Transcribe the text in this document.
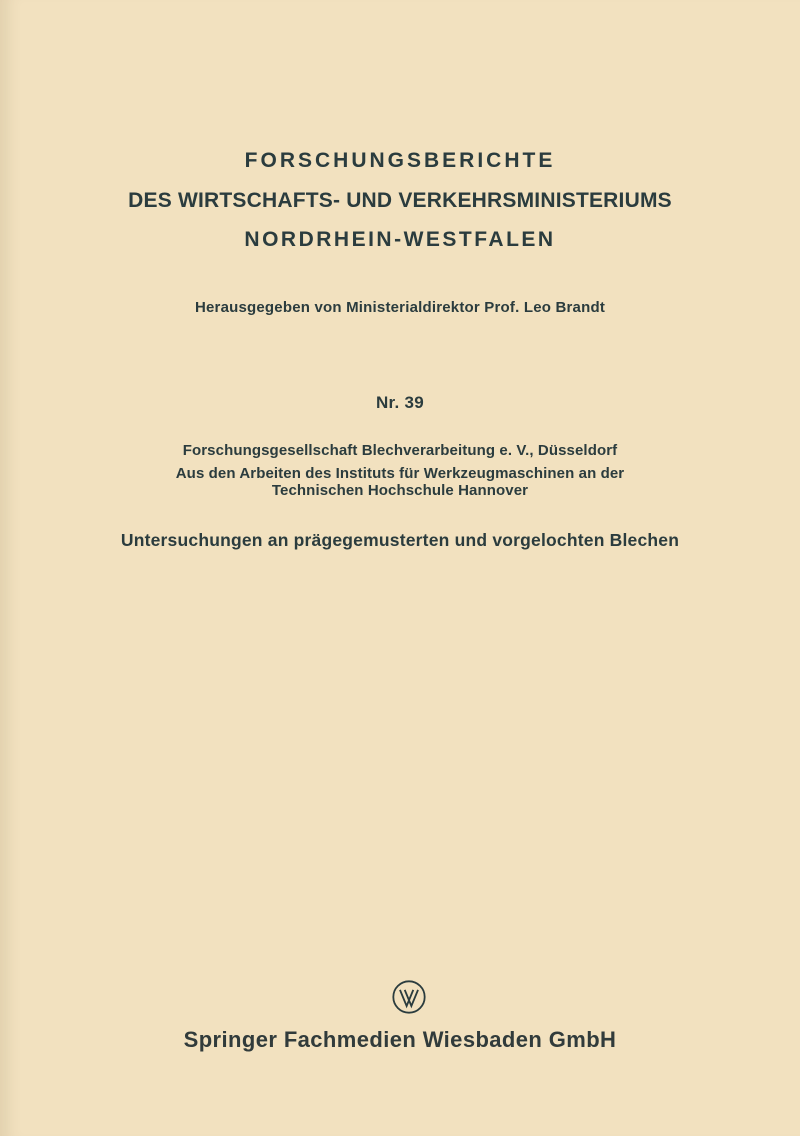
FORSCHUNGSBERICHTE
DES WIRTSCHAFTS- UND VERKEHRSMINISTERIUMS
NORDRHEIN-WESTFALEN
Herausgegeben von Ministerialdirektor Prof. Leo Brandt
Nr. 39
Forschungsgesellschaft Blechverarbeitung e. V., Düsseldorf
Aus den Arbeiten des Instituts für Werkzeugmaschinen an der
Technischen Hochschule Hannover
Untersuchungen an prägegemusterten und vorgelochten Blechen
Springer Fachmedien Wiesbaden GmbH
